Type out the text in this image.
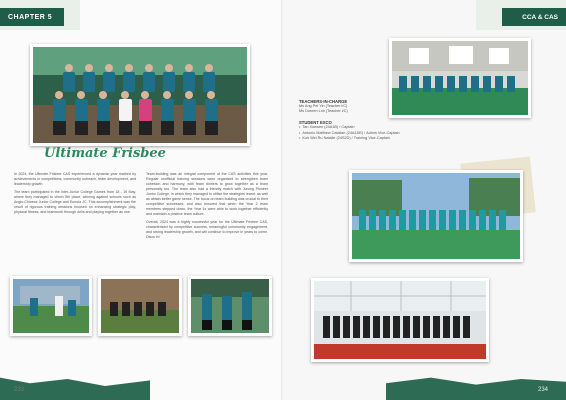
CHAPTER 5
Ultimate Frisbee

In 2024, the Ultimate Frisbee CAS experienced a dynamic year marked by achievements in competitions, community outreach, team development, and leadership growth.

The team participated in the Inter-Junior College Games from 18 - 19 May, where they managed to clinch 5th place, winning against schools such as Anglo-Chinese Junior College and Eunoia JC. This accomplishment was the result of rigorous training sessions focused on enhancing strategic play, physical fitness, and teamwork through drills and playing together as one.

Team-building was an integral component of the CAS activities this year. Regular unofficial training sessions were organised to strengthen team cohesion and harmony, with team dinners to grow together as a team personally too. The team also had a friendly match with Jurong Pioneer Junior College, in which they managed to utilise the strategies learnt, as well as abtain better game sense. The focus on team building was crucial to their competitive successes, and also ensured that when the Year 2 team members stepped down, the Year 1s were able to work together efficiently and maintain a positive team culture.

Overall, 2024 was a highly successful year for the Ultimate Frisbee CAS, characterised by competitive success, meaningful community engagement, and strong leadership growth, and will continue to improve in years to come. Discs in!

233
CCA & CAS
TEACHERS-IN-CHARGE
Ms Ang Pei Yin (Teacher i/C)
Ms Doreen Loh (Teacher i/C)
STUDENT EXCO
• Tan Xuewen (24A1B) / Captain
• Antonio Matthew Calallan (24A1DE) / Admin Vice-Captain
• Koh Wei Ru Natalie (24S2D) / Training Vice-Captain
234
